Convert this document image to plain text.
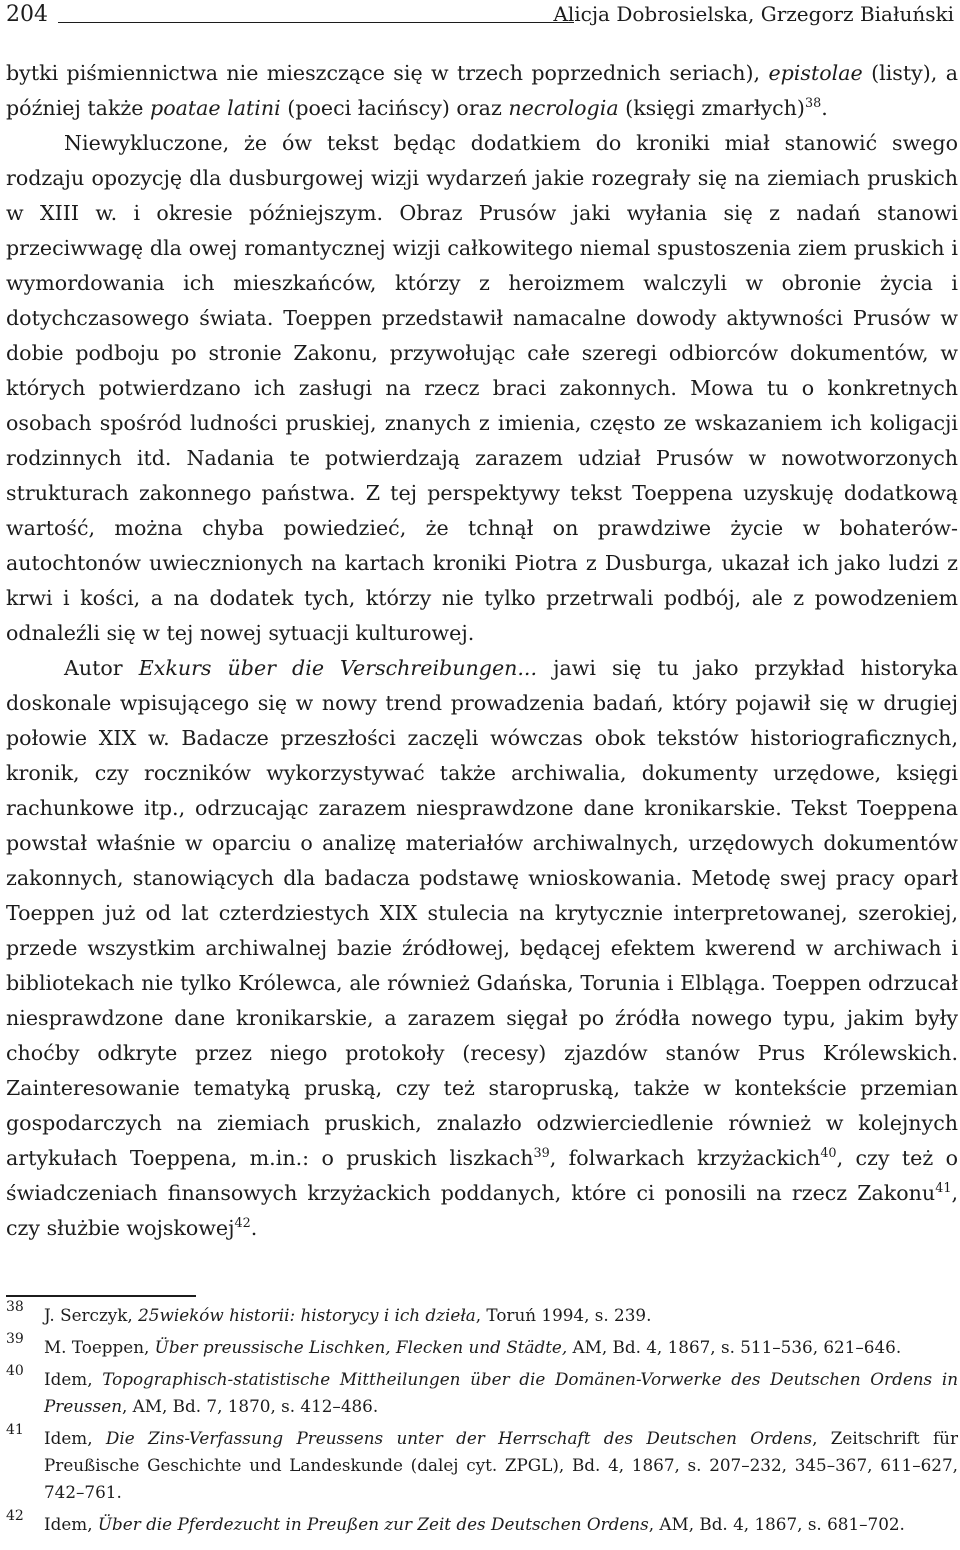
204	Alicja Dobrosielska, Grzegorz Białuński

bytki piśmiennictwa nie mieszczące się w trzech poprzednich seriach), epistolae (listy), a później także poatae latini (poeci łacińscy) oraz necrologia (księgi zmarłych)$^{38}$.

Niewykluczone, że ów tekst będąc dodatkiem do kroniki miał stanowić swego rodzaju opozycję dla dusburgowej wizji wydarzeń jakie rozegrały się na ziemiach pruskich w XIII w. i okresie późniejszym. Obraz Prusów jaki wyłania się z nadań stanowi przeciwwagę dla owej romantycznej wizji całkowitego niemal spustoszenia ziem pruskich i wymordowania ich mieszkańców, którzy z heroizmem walczyli w obronie życia i dotychczasowego świata. Toeppen przedstawił namacalne dowody aktywności Prusów w dobie podboju po stronie Zakonu, przywołując całe szeregi odbiorców dokumentów, w których potwierdzano ich zasługi na rzecz braci zakonnych. Mowa tu o konkretnych osobach spośród ludności pruskiej, znanych z imienia, często ze wskazaniem ich koligacji rodzinnych itd. Nadania te potwierdzają zarazem udział Prusów w nowotworzonych strukturach zakonnego państwa. Z tej perspektywy tekst Toeppena uzyskuję dodatkową wartość, można chyba powiedzieć, że tchnął on prawdziwe życie w bohaterów-autochtonów uwiecznionych na kartach kroniki Piotra z Dusburga, ukazał ich jako ludzi z krwi i kości, a na dodatek tych, którzy nie tylko przetrwali podbój, ale z powodzeniem odnaleźli się w tej nowej sytuacji kulturowej.

Autor Exkurs über die Verschreibungen... jawi się tu jako przykład historyka doskonale wpisującego się w nowy trend prowadzenia badań, który pojawił się w drugiej połowie XIX w. Badacze przeszłości zaczęli wówczas obok tekstów historiograficznych, kronik, czy roczników wykorzystywać także archiwalia, dokumenty urzędowe, księgi rachunkowe itp., odrzucając zarazem niesprawdzone dane kronikarskie. Tekst Toeppena powstał właśnie w oparciu o analizę materiałów archiwalnych, urzędowych dokumentów zakonnych, stanowiących dla badacza podstawę wnioskowania. Metodę swej pracy oparł Toeppen już od lat czterdziestych XIX stulecia na krytycznie interpretowanej, szerokiej, przede wszystkim archiwalnej bazie źródłowej, będącej efektem kwerend w archiwach i bibliotekach nie tylko Królewca, ale również Gdańska, Torunia i Elbląga. Toeppen odrzucał niesprawdzone dane kronikarskie, a zarazem sięgał po źródła nowego typu, jakim były choćby odkryte przez niego protokoły (recesy) zjazdów stanów Prus Królewskich. Zainteresowanie tematyką pruską, czy też staropruską, także w kontekście przemian gospodarczych na ziemiach pruskich, znalazło odzwierciedlenie również w kolejnych artykułach Toeppena, m.in.: o pruskich liszkach$^{39}$, folwarkach krzyżackich$^{40}$, czy też o świadczeniach finansowych krzyżackich poddanych, które ci ponosili na rzecz Zakonu$^{41}$, czy służbie wojskowej$^{42}$.

38 J. Serczyk, 25wieków historii: historycy i ich dzieła, Toruń 1994, s. 239.
39 M. Toeppen, Über preussische Lischken, Flecken und Städte, AM, Bd. 4, 1867, s. 511–536, 621–646.
40 Idem, Topographisch-statistische Mittheilungen über die Domänen-Vorwerke des Deutschen Ordens in Preussen, AM, Bd. 7, 1870, s. 412–486.
41 Idem, Die Zins-Verfassung Preussens unter der Herrschaft des Deutschen Ordens, Zeitschrift für Preußische Geschichte und Landeskunde (dalej cyt. ZPGL), Bd. 4, 1867, s. 207–232, 345–367, 611–627, 742–761.
42 Idem, Über die Pferdezucht in Preußen zur Zeit des Deutschen Ordens, AM, Bd. 4, 1867, s. 681–702.
